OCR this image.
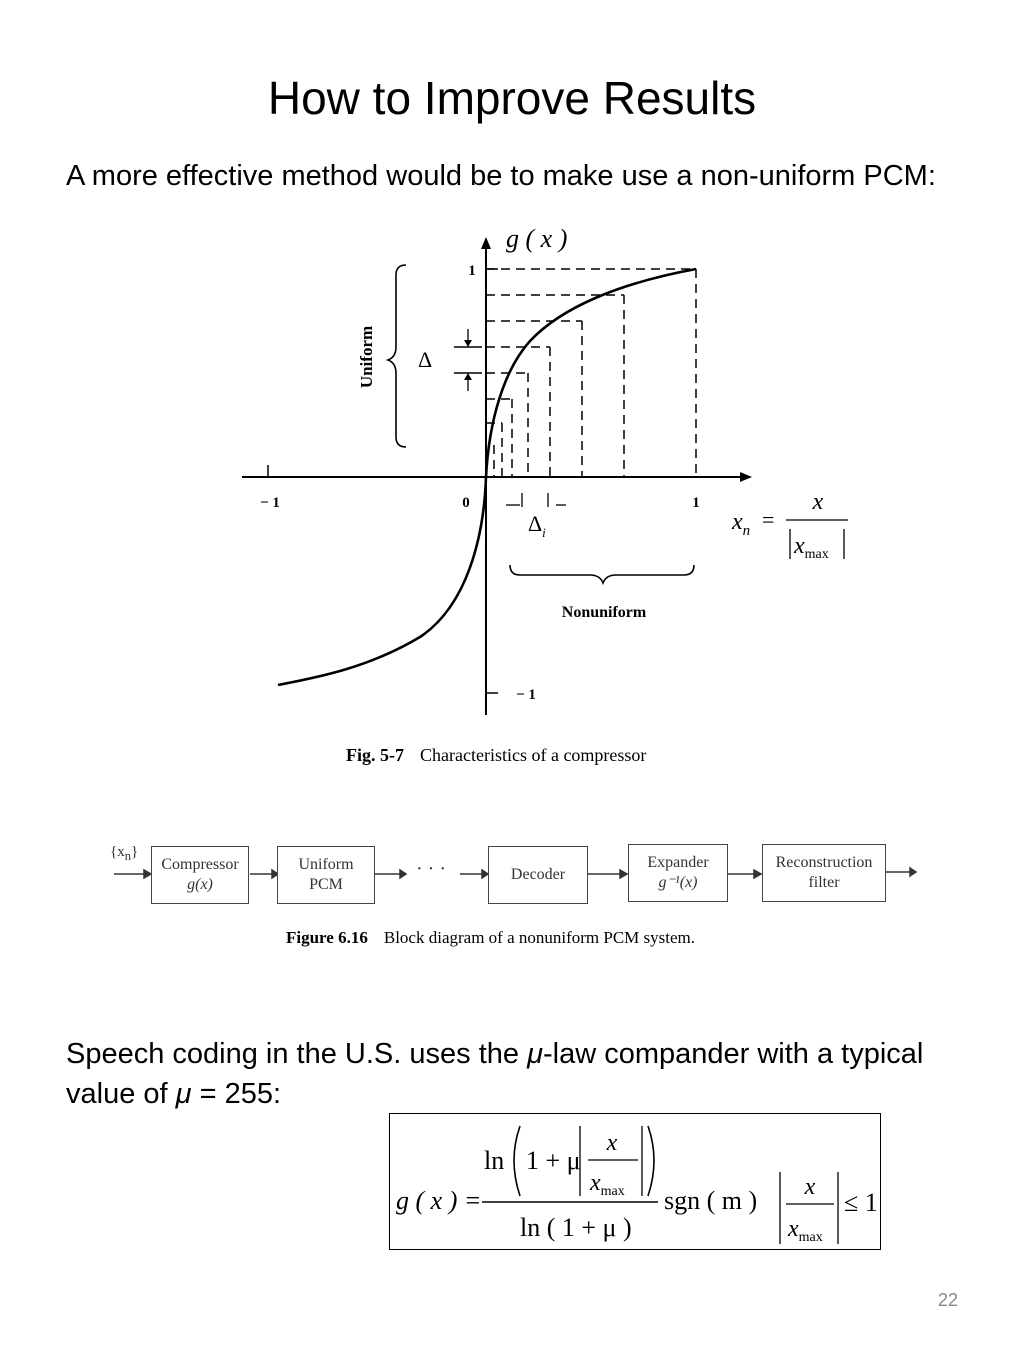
How to Improve Results
A more effective method would be to make use a non-uniform PCM:
Uniform Δ
$\Delta_i$
Nonuniform
− 1	0	1
1
− 1
g ( x )
$x_n$ =
x
$x_{max}$
Fig. 5-7 Characteristics of a compressor
$\{x_n\}$
· · ·
Compressor
g(x)
Uniform
PCM
Decoder
Expander
g⁻¹(x)
Reconstruction
filter
Figure 6.16 Block diagram of a nonuniform PCM system.
Speech coding in the U.S. uses the μ-law compander with a typical value of μ = 255:
g ( x ) =
ln 1 + μ
x
$x_{max}$
ln ( 1 + μ )
sgn ( m ) x
$x_{max}$
≤ 1
22
